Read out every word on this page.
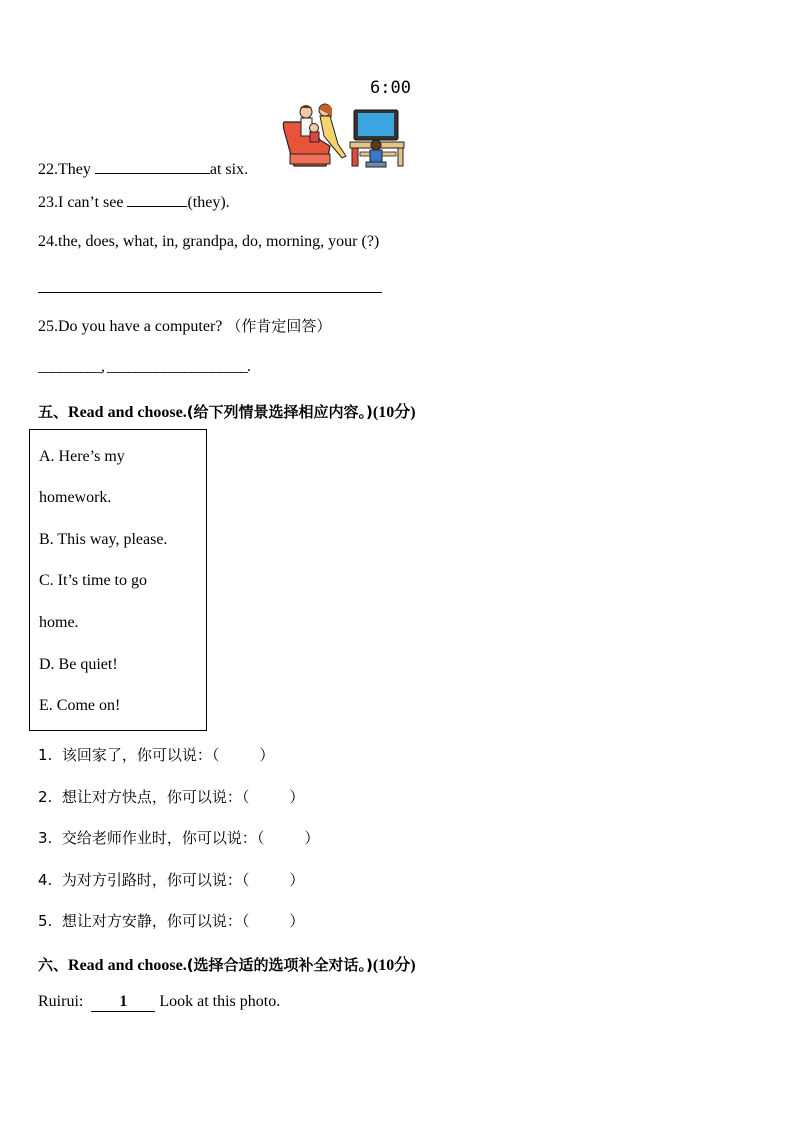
6:00
22.They	at six.
23.I can’t see	(they).
24.the, does, what, in, grandpa, do, morning, your (?)
25.Do you have a computer? （作肯定回答）
_________, ____________________.
五、Read and choose.(给下列情景选择相应内容。)(10分)
A. Here’s my
homework.
B. This way, please.
C. It’s time to go
home.
D. Be quiet!
E. Come on!
1. 该回家了，你可以说：（	）
2. 想让对方快点，你可以说：（	）
3. 交给老师作业时，你可以说：（	）
4. 为对方引路时，你可以说：（	）
5. 想让对方安静，你可以说：（	）
六、Read and choose.(选择合适的选项补全对话。)(10分)
Ruirui: 1 Look at this photo.
